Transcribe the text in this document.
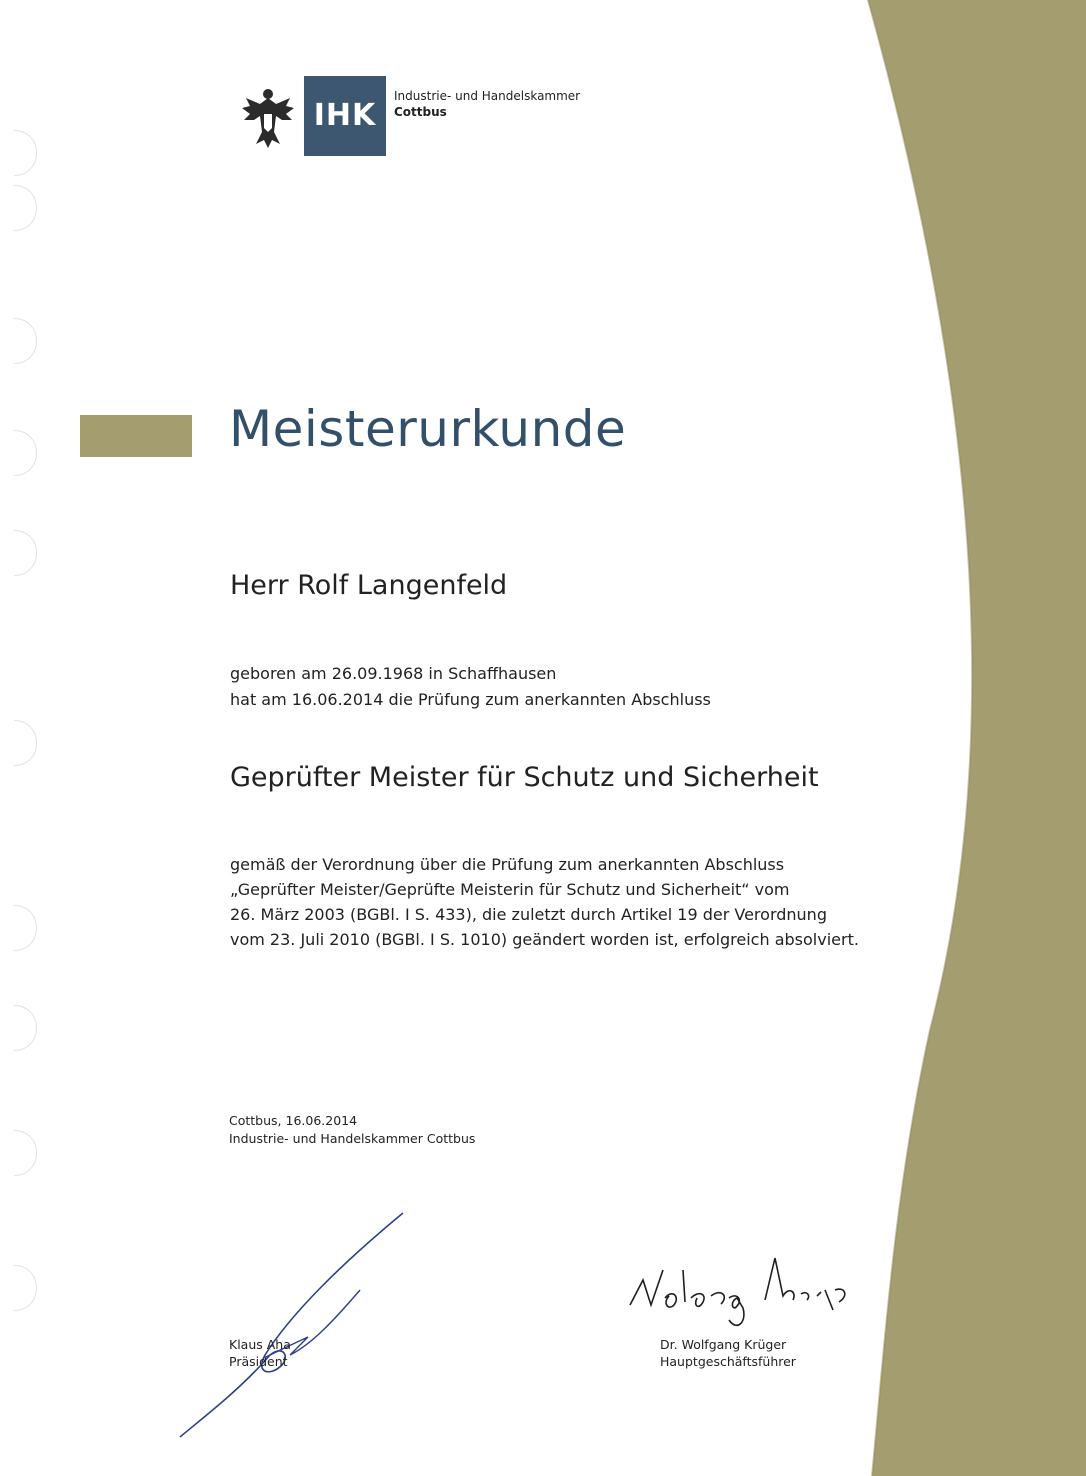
IHK
Industrie- und Handelskammer
Cottbus
Meisterurkunde
Herr Rolf Langenfeld
geboren am 26.09.1968 in Schaffhausen
hat am 16.06.2014 die Prüfung zum anerkannten Abschluss
Geprüfter Meister für Schutz und Sicherheit
gemäß der Verordnung über die Prüfung zum anerkannten Abschluss
„Geprüfter Meister/Geprüfte Meisterin für Schutz und Sicherheit“ vom
26. März 2003 (BGBl. I S. 433), die zuletzt durch Artikel 19 der Verordnung
vom 23. Juli 2010 (BGBl. I S. 1010) geändert worden ist, erfolgreich absolviert.
Cottbus, 16.06.2014
Industrie- und Handelskammer Cottbus
Klaus Aha
Präsident
Dr. Wolfgang Krüger
Hauptgeschäftsführer
